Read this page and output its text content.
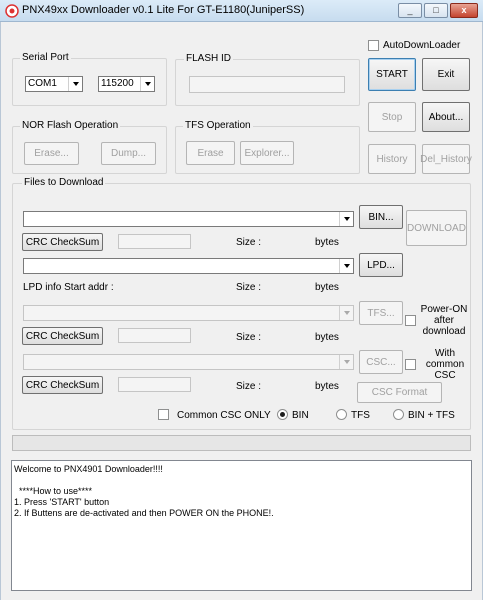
PNX49xx Downloader v0.1 Lite For GT-E1180(JuniperSS)	_	□	x
Serial Port
COM1	115200
FLASH ID
AutoDownLoader
START	Exit
Stop	About...
History	Del_History
NOR Flash Operation
Erase...	Dump...
TFS Operation
Erase	Explorer...
Files to Download
BIN...
DOWNLOAD
CRC CheckSum	Size :	bytes
LPD...
LPD info Start addr :	Size :	bytes
TFS...	Power-ON after download
CRC CheckSum	Size :	bytes
CSC...
With common CSC
CRC CheckSum	Size :	bytes
CSC Format
Common CSC ONLY BIN	TFS	BIN + TFS
Welcome to PNX4901 Downloader!!!!

****How to use****
1. Press 'START' button
2. If Buttens are de-activated and then POWER ON the PHONE!.
